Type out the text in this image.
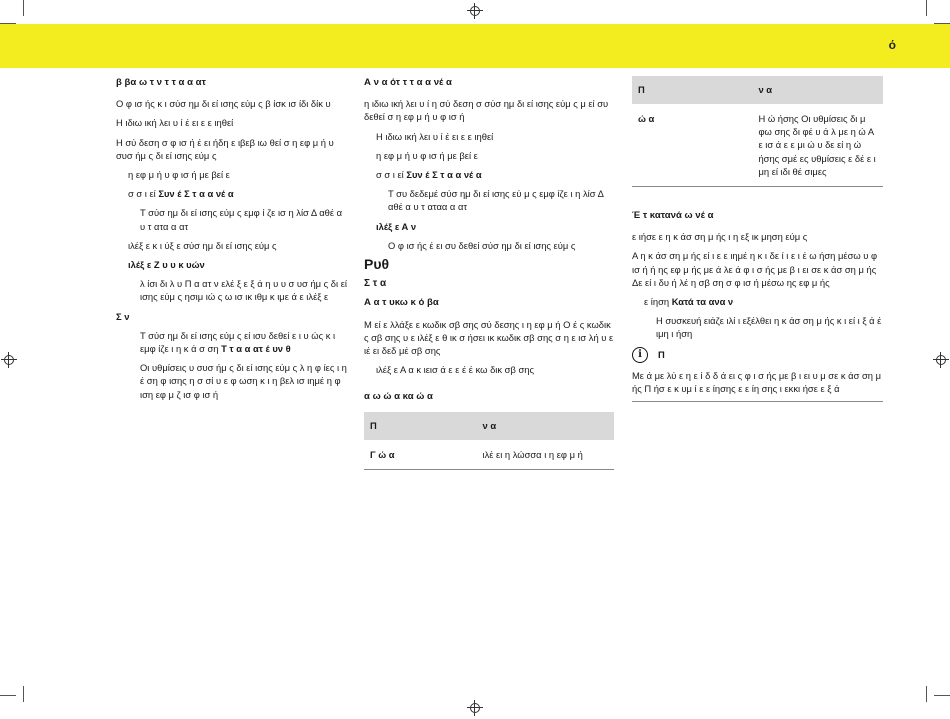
ό

β βα ω τ ν τ τ α α ατ

Ο φ ισ ής κ ι σύσ ημ δι εί ισης εύμ ς β ίσκ ισ ίδι δίκ υ

Η ιδιω ική λει υ ί έ ει ε ε ιηθεί

Η σύ δεση σ φ ισ ή έ ει ήδη ε ιβεβ ιω θεί σ η εφ μ ή υ συσ ήμ ς δι εί ισης εύμ ς

η εφ μ ή υ φ ισ ή με βεί ε

σ σ ι εί Συν έ Σ τ α α νέ α

Τ σύσ ημ δι εί ισης εύμ ς εμφ ί ζε ισ η λίσ Δ αθέ α υ τ ατα α ατ

ιλέξ ε κ ι ύξ ε σύσ ημ δι εί ισης εύμ ς

ιλέξ ε Ζ υ υ κ υών

λ ίσι δι λ υ Π α ατ ν ελέ ξ ε ξ ά η υ υ σ υσ ήμ ς δι εί ισης εύμ ς ησιμ ιώ ς ω ισ ικ ιθμ κ ιμε ά ε ιλέξ ε

Σ ν

Τ σύσ ημ δι εί ισης εύμ ς εί ισυ δεθεί ε ι υ ώς κ ι εμφ ίζε ι η κ ά σ ση Τ τ α α ατ έ υν θ

Οι υθμίσεις υ συσ ήμ ς δι εί ισης εύμ ς λ η φ ίες ι η έ ση φ ισης η σ σί υ ε φ ωση κ ι η βελ ισ ιημέ η φ ιση εφ μ ζ ισ φ ισ ή

Α ν α ότ τ τ α α νέ α

η ιδιω ική λει υ ί η σύ δεση σ σύσ ημ δι εί ισης εύμ ς μ εί συ δεθεί σ η εφ μ ή υ φ ισ ή

Η ιδιω ική λει υ ί έ ει ε ε ιηθεί

η εφ μ ή υ φ ισ ή με βεί ε

σ σ ι εί Συν έ Σ τ α α νέ α

Τ συ δεδεμέ σύσ ημ δι εί ισης εύ μ ς εμφ ίζε ι η λίσ Δ αθέ α υ τ αταα α ατ

ιλέξ ε Α ν

Ο φ ισ ής έ ει συ δεθεί σύσ ημ δι εί ισης εύμ ς

Ρυθ

Σ τ α

Α α τ υκω κ ό βα

Μ εί ε λλάξε ε κωδικ σβ σης σύ δεσης ι η εφ μ ή Ο έ ς κωδικ ς σβ σης υ ε ιλέξ ε θ ικ σ ήσει ικ κωδικ σβ σης σ η ε ισ λή υ ε ιέ ει δεδ μέ σβ σης

ιλέξ ε Α α κ ιεισ ά ε ε έ έ κω δικ σβ σης

α ω ώ α κα ώ α

Π	ν α
Γ ώ α	ιλέ ει η λώσσα ι η εφ μ ή
Π	ν α
ώ α	Η ώ ήσης Οι υθμίσεις δι μ φω σης δι φέ υ ά λ με η ώ Α ε ισ ά ε ε μι ώ υ δε εί η ώ ήσης σμέ ες υθμίσεις ε δέ ε ι μη εί ιδι θέ σιμες

Έ τ κατανά ω νέ α

ε ιήσε ε η κ άσ ση μ ής ι η εξ ικ μηση εύμ ς

Α η κ άσ ση μ ής εί ι ε ε ιημέ η κ ι δε ί ι ε ι έ ω ήση μέσω υ φ ισ ή ή ης εφ μ ής με ά λε ά φ ι σ ής με β ι ει σε κ άσ ση μ ής Δε εί ι δυ ή λέ η σβ ση σ φ ισ ή μέσω ης εφ μ ής

ε ίηση Κατά τα ανα ν

Η συσκευή ειάζε ιλί ι εξέλθει η κ άσ ση μ ής κ ι εί ι ξ ά έ ιμη ι ήση

i	Π

Με ά με λύ ε η ε ί δ δ ά ει ς φ ι σ ής με β ι ει υ μ σε κ άσ ση μ ής Π ήσ ε κ υμ ί ε ε ίησης ε ε ίη σης ι εκκι ήσε ε ξ ά
